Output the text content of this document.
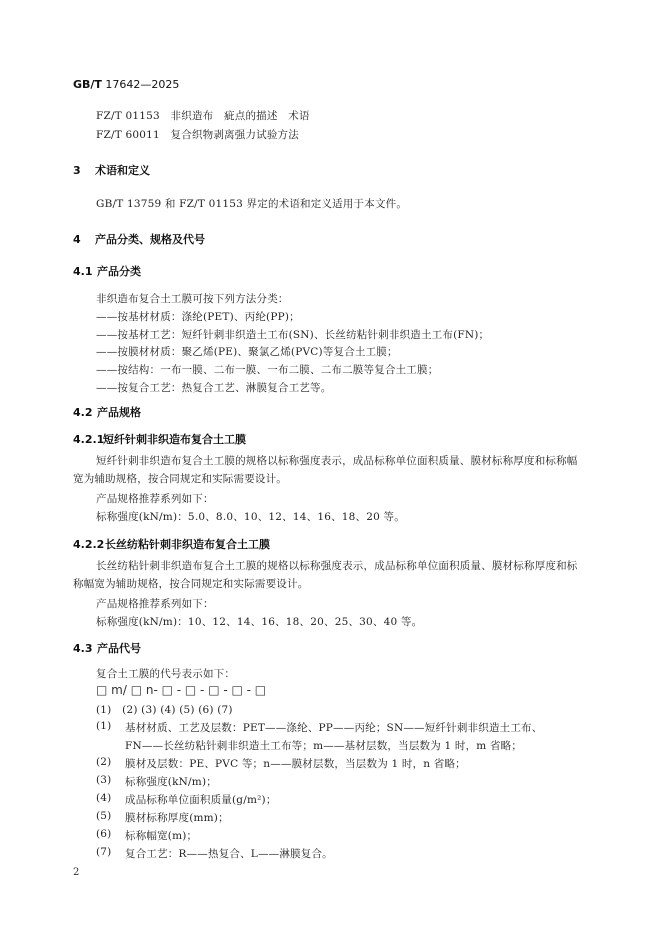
GB/T 17642—2025
FZ/T 01153　非织造布　疵点的描述　术语
FZ/T 60011　复合织物剥离强力试验方法
3 术语和定义
GB/T 13759 和 FZ/T 01153 界定的术语和定义适用于本文件。
4 产品分类、规格及代号
4.1 产品分类
非织造布复合土工膜可按下列方法分类：
——按基材材质：涤纶(PET)、丙纶(PP)；
——按基材工艺：短纤针刺非织造土工布(SN)、长丝纺粘针刺非织造土工布(FN)；
——按膜材材质：聚乙烯(PE)、聚氯乙烯(PVC)等复合土工膜；
——按结构：一布一膜、二布一膜、一布二膜、二布二膜等复合土工膜；
——按复合工艺：热复合工艺、淋膜复合工艺等。
4.2 产品规格
4.2.1短纤针刺非织造布复合土工膜
短纤针刺非织造布复合土工膜的规格以标称强度表示，成品标称单位面积质量、膜材标称厚度和标称幅宽为辅助规格，按合同规定和实际需要设计。
产品规格推荐系列如下：
标称强度(kN/m)：5.0、8.0、10、12、14、16、18、20 等。
4.2.2长丝纺粘针刺非织造布复合土工膜
长丝纺粘针刺非织造布复合土工膜的规格以标称强度表示，成品标称单位面积质量、膜材标称厚度和标称幅宽为辅助规格，按合同规定和实际需要设计。
产品规格推荐系列如下：
标称强度(kN/m)：10、12、14、16、18、20、25、30、40 等。
4.3 产品代号
复合土工膜的代号表示如下：
□ m/ □ n- □ - □ - □ - □ - □
(1)　(2) (3) (4) (5) (6) (7)
(1) 基材材质、工艺及层数：PET——涤纶、PP——丙纶；SN——短纤针刺非织造土工布、
FN——长丝纺粘针刺非织造土工布等；m——基材层数，当层数为 1 时，m 省略；
(2) 膜材及层数：PE、PVC 等；n——膜材层数，当层数为 1 时，n 省略；
(3) 标称强度(kN/m)；
(4) 成品标称单位面积质量(g/m²)；
(5) 膜材标称厚度(mm)；
(6) 标称幅宽(m)；
(7) 复合工艺：R——热复合、L——淋膜复合。
2
